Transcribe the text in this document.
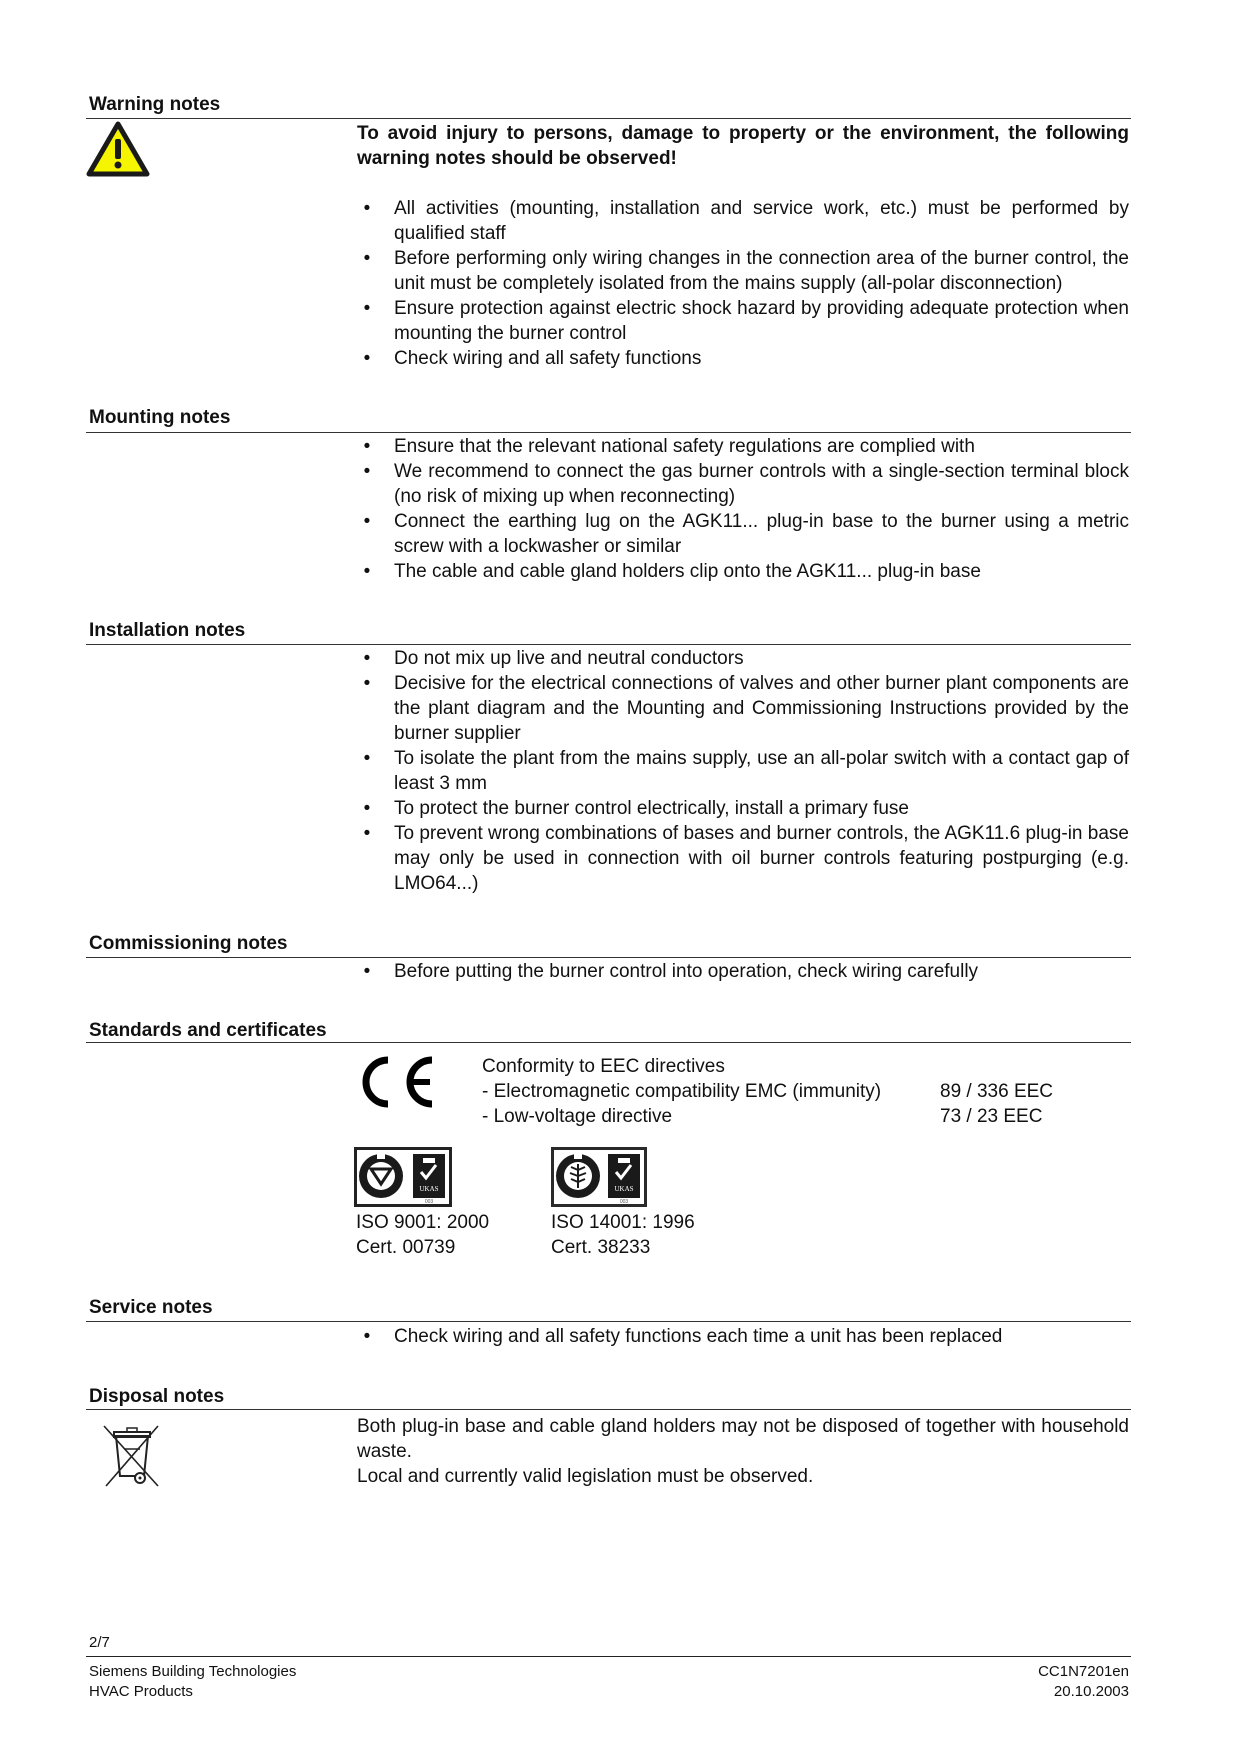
Warning notes
To avoid injury to persons, damage to property or the environment, the following warning notes should be observed!
•	All activities (mounting, installation and service work, etc.) must be performed by qualified staff
•	Before performing only wiring changes in the connection area of the burner control, the unit must be completely isolated from the mains supply (all-polar disconnection)
•	Ensure protection against electric shock hazard by providing adequate protection when mounting the burner control
•	Check wiring and all safety functions
Mounting notes
•	Ensure that the relevant national safety regulations are complied with
•	We recommend to connect the gas burner controls with a single-section terminal block (no risk of mixing up when reconnecting)
•	Connect the earthing lug on the AGK11... plug-in base to the burner using a metric screw with a lockwasher or similar
•	The cable and cable gland holders clip onto the AGK11... plug-in base
Installation notes
•	Do not mix up live and neutral conductors
•	Decisive for the electrical connections of valves and other burner plant components are the plant diagram and the Mounting and Commissioning Instructions provided by the burner supplier
•	To isolate the plant from the mains supply, use an all-polar switch with a contact gap of least 3 mm
•	To protect the burner control electrically, install a primary fuse
•	To prevent wrong combinations of bases and burner controls, the AGK11.6 plug-in base may only be used in connection with oil burner controls featuring postpurging (e.g. LMO64...)
Commissioning notes
•	Before putting the burner control into operation, check wiring carefully
Standards and certificates
Conformity to EEC directives
- Electromagnetic compatibility EMC (immunity)	89 / 336 EEC
- Low-voltage directive	73 / 23 EEC
UKAS
003
ISO 9001: 2000
Cert. 00739
UKAS
003
ISO 14001: 1996
Cert. 38233
Service notes
•	Check wiring and all safety functions each time a unit has been replaced
Disposal notes
Both plug-in base and cable gland holders may not be disposed of together with household waste.
Local and currently valid legislation must be observed.
2/7
Siemens Building Technologies
HVAC Products
CC1N7201en
20.10.2003
